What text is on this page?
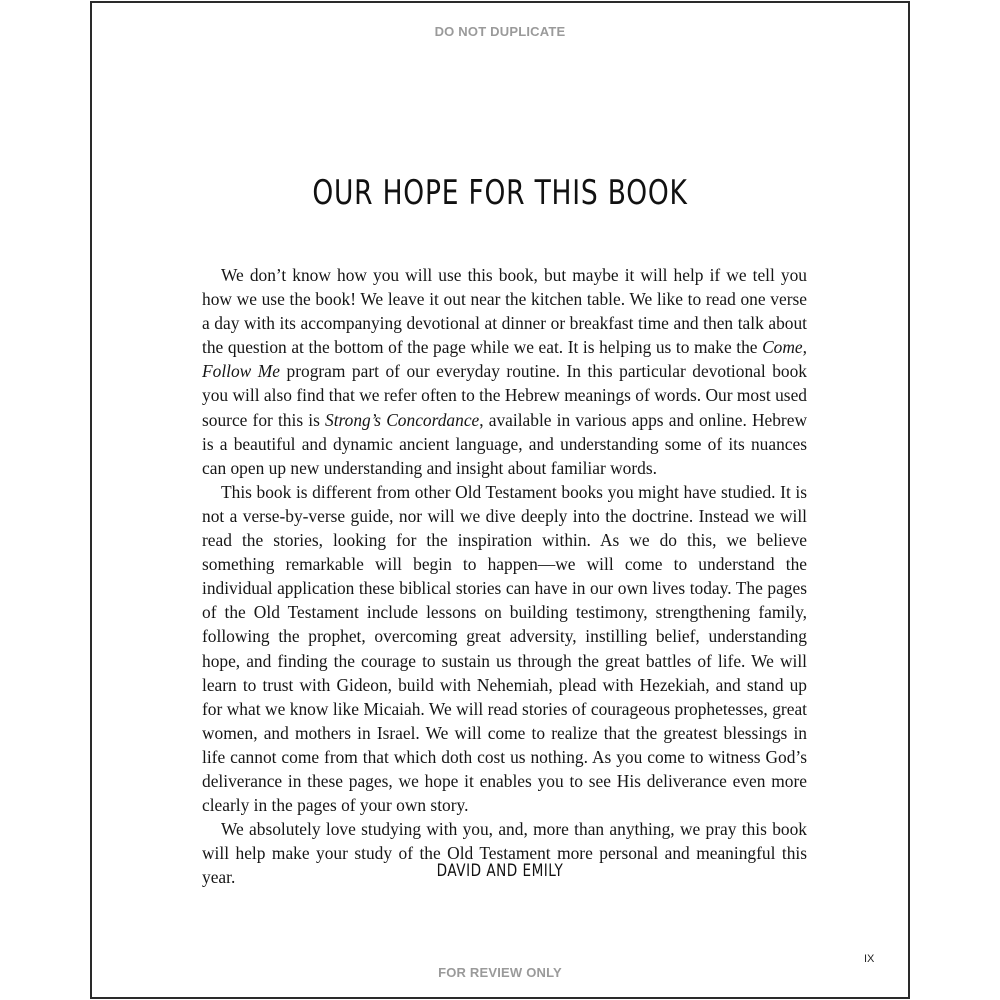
DO NOT DUPLICATE
OUR HOPE FOR THIS BOOK

We don’t know how you will use this book, but maybe it will help if we tell you how we use the book! We leave it out near the kitchen table. We like to read one verse a day with its accompanying devotional at dinner or breakfast time and then talk about the question at the bottom of the page while we eat. It is helping us to make the Come, Follow Me program part of our everyday routine. In this particular devotional book you will also find that we refer often to the Hebrew meanings of words. Our most used source for this is Strong’s Concordance, available in various apps and online. Hebrew is a beautiful and dynamic ancient language, and understanding some of its nuances can open up new understanding and insight about familiar words.

This book is different from other Old Testament books you might have studied. It is not a verse-by-verse guide, nor will we dive deeply into the doctrine. Instead we will read the stories, looking for the inspiration within. As we do this, we believe something remarkable will begin to happen—we will come to understand the individual application these biblical stories can have in our own lives today. The pages of the Old Testament include lessons on building testimony, strengthening family, following the prophet, overcoming great adversity, instilling belief, understanding hope, and finding the courage to sustain us through the great battles of life. We will learn to trust with Gideon, build with Nehemiah, plead with Hezekiah, and stand up for what we know like Micaiah. We will read stories of courageous prophetesses, great women, and mothers in Israel. We will come to realize that the greatest blessings in life cannot come from that which doth cost us nothing. As you come to witness God’s deliverance in these pages, we hope it enables you to see His deliverance even more clearly in the pages of your own story.

We absolutely love studying with you, and, more than anything, we pray this book will help make your study of the Old Testament more personal and meaningful this year.	DAVID AND EMILY
IX
FOR REVIEW ONLY
